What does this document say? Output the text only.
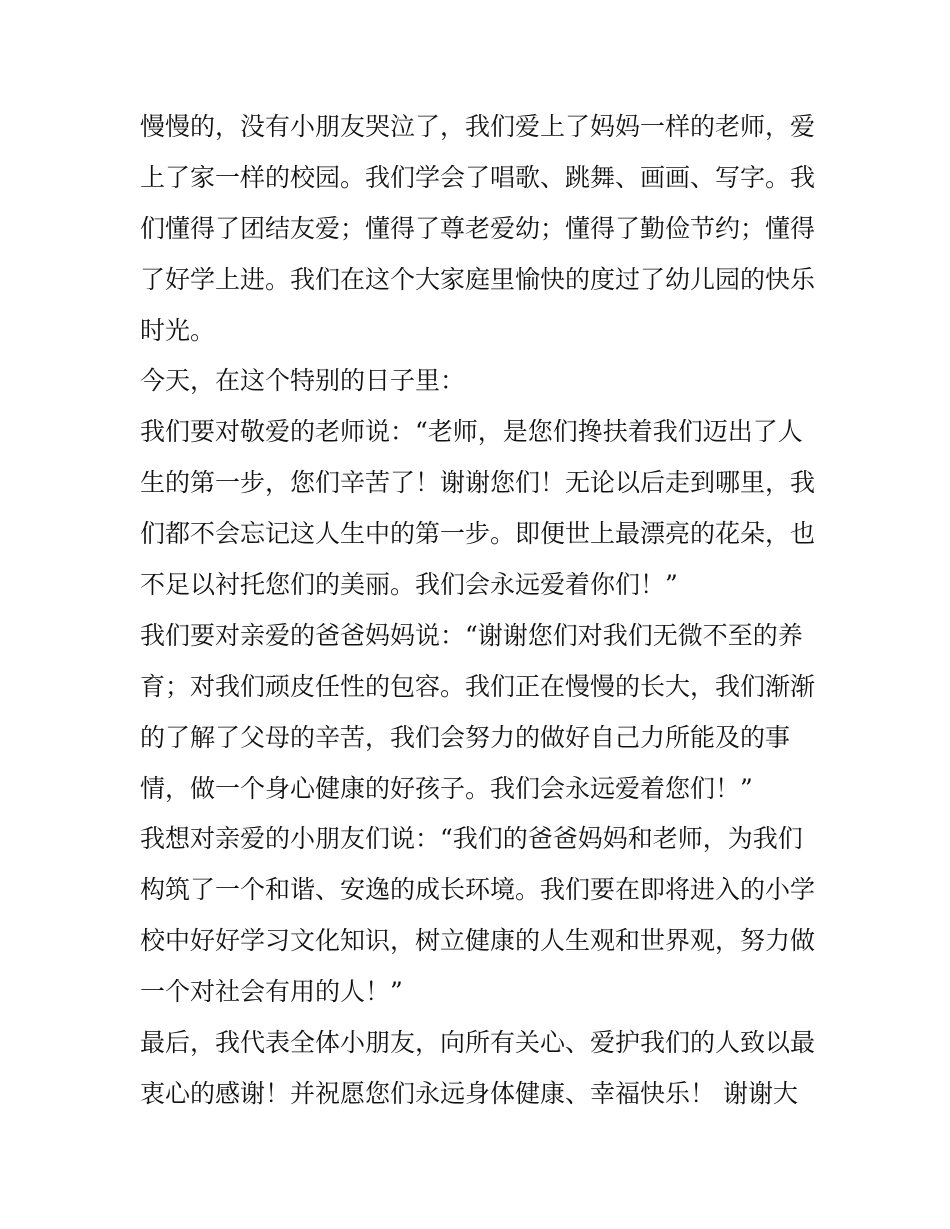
慢慢的，没有小朋友哭泣了，我们爱上了妈妈一样的老师，爱
上了家一样的校园。我们学会了唱歌、跳舞、画画、写字。我
们懂得了团结友爱；懂得了尊老爱幼；懂得了勤俭节约；懂得
了好学上进。我们在这个大家庭里愉快的度过了幼儿园的快乐
时光。
今天，在这个特别的日子里：
我们要对敬爱的老师说：“老师，是您们搀扶着我们迈出了人
生的第一步，您们辛苦了！谢谢您们！无论以后走到哪里，我
们都不会忘记这人生中的第一步。即便世上最漂亮的花朵，也
不足以衬托您们的美丽。我们会永远爱着你们！”
我们要对亲爱的爸爸妈妈说：“谢谢您们对我们无微不至的养
育；对我们顽皮任性的包容。我们正在慢慢的长大，我们渐渐
的了解了父母的辛苦，我们会努力的做好自己力所能及的事
情，做一个身心健康的好孩子。我们会永远爱着您们！”
我想对亲爱的小朋友们说：“我们的爸爸妈妈和老师，为我们
构筑了一个和谐、安逸的成长环境。我们要在即将进入的小学
校中好好学习文化知识，树立健康的人生观和世界观，努力做
一个对社会有用的人！”
最后，我代表全体小朋友，向所有关心、爱护我们的人致以最
衷心的感谢！并祝愿您们永远身体健康、幸福快乐！ 谢谢大
